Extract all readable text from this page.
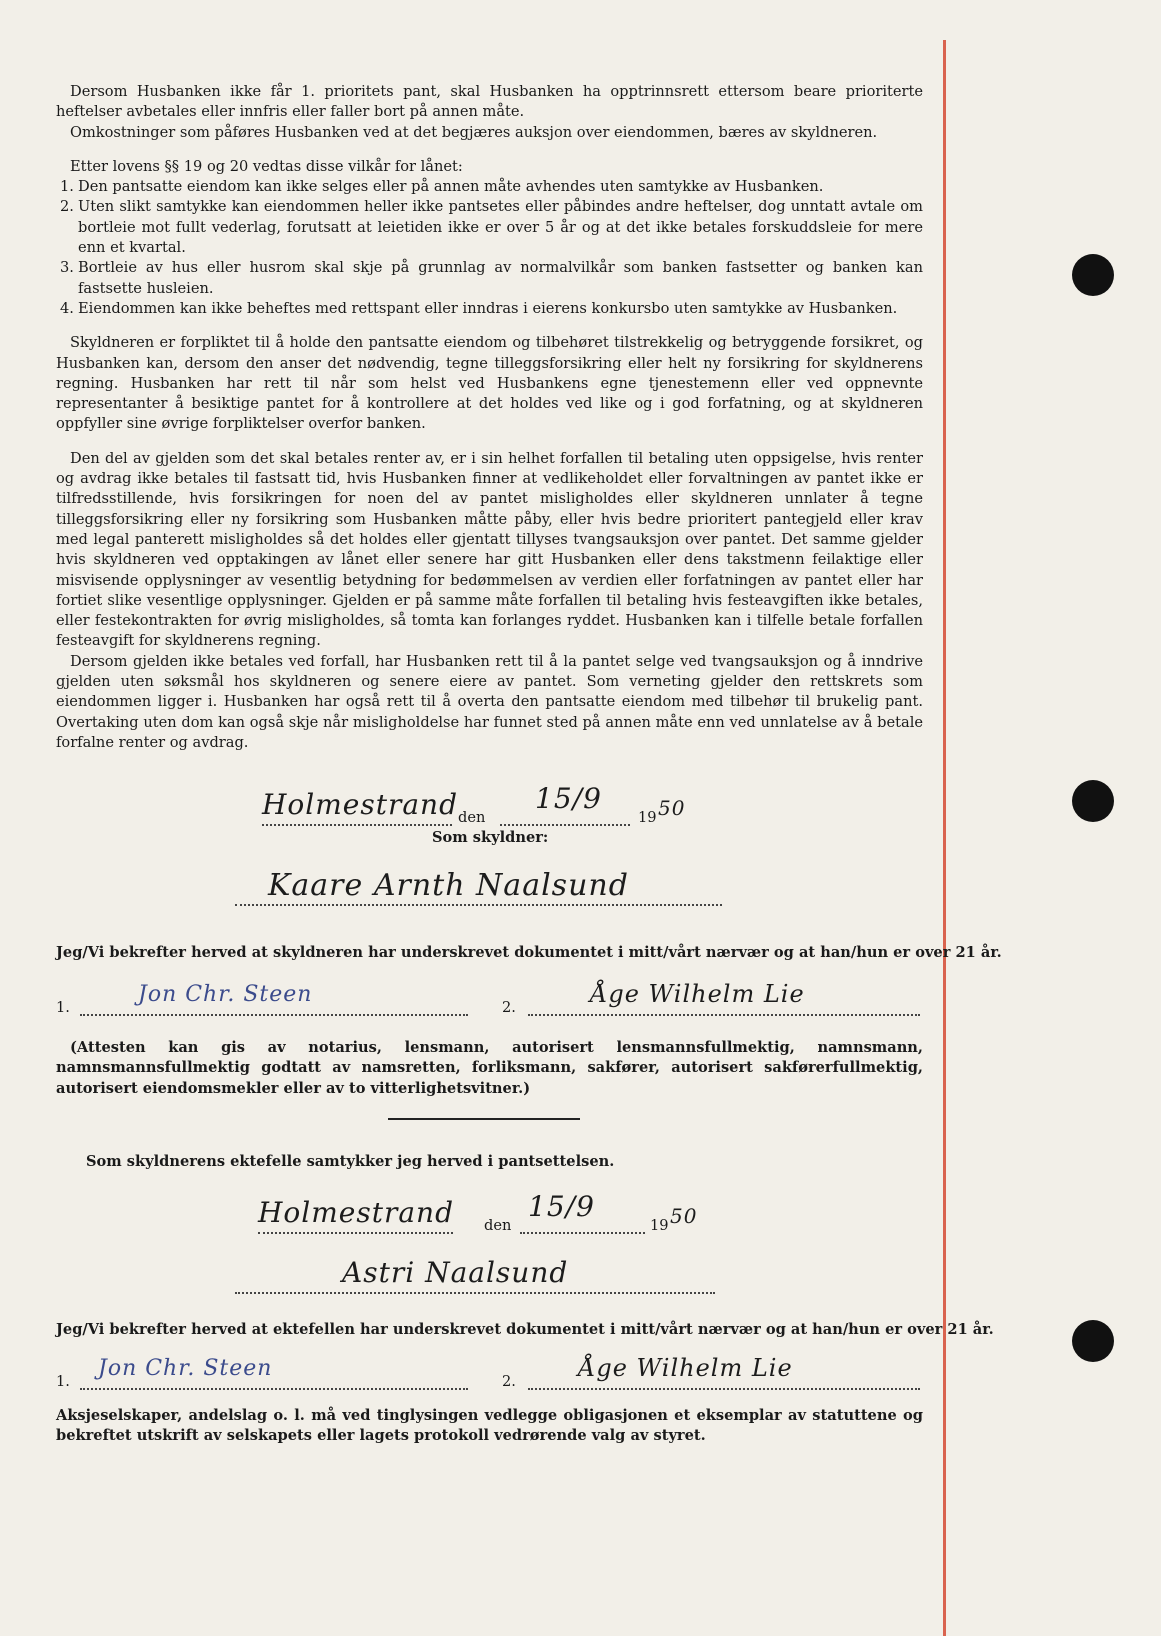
Dersom Husbanken ikke får 1. prioritets pant, skal Husbanken ha opptrinnsrett ettersom beare prioriterte heftelser avbetales eller innfris eller faller bort på annen måte.

Omkostninger som påføres Husbanken ved at det begjæres auksjon over eiendommen, bæres av skyldneren.

Etter lovens §§ 19 og 20 vedtas disse vilkår for lånet:

1. Den pantsatte eiendom kan ikke selges eller på annen måte avhendes uten samtykke av Husbanken.
2. Uten slikt samtykke kan eiendommen heller ikke pantsetes eller påbindes andre heftelser, dog unntatt avtale om bortleie mot fullt vederlag, forutsatt at leietiden ikke er over 5 år og at det ikke betales forskuddsleie for mere enn et kvartal.
3. Bortleie av hus eller husrom skal skje på grunnlag av normalvilkår som banken fastsetter og banken kan fastsette husleien.
4. Eiendommen kan ikke beheftes med rettspant eller inndras i eierens konkursbo uten samtykke av Husbanken.

Skyldneren er forpliktet til å holde den pantsatte eiendom og tilbehøret tilstrekkelig og betryggende forsikret, og Husbanken kan, dersom den anser det nødvendig, tegne tilleggsforsikring eller helt ny forsikring for skyldnerens regning. Husbanken har rett til når som helst ved Husbankens egne tjenestemenn eller ved oppnevnte representanter å besiktige pantet for å kontrollere at det holdes ved like og i god forfatning, og at skyldneren oppfyller sine øvrige forpliktelser overfor banken.

Den del av gjelden som det skal betales renter av, er i sin helhet forfallen til betaling uten oppsigelse, hvis renter og avdrag ikke betales til fastsatt tid, hvis Husbanken finner at vedlikeholdet eller forvaltningen av pantet ikke er tilfredsstillende, hvis forsikringen for noen del av pantet misligholdes eller skyldneren unnlater å tegne tilleggsforsikring eller ny forsikring som Husbanken måtte påby, eller hvis bedre prioritert pantegjeld eller krav med legal panterett misligholdes så det holdes eller gjentatt tillyses tvangsauksjon over pantet. Det samme gjelder hvis skyldneren ved opptakingen av lånet eller senere har gitt Husbanken eller dens takstmenn feilaktige eller misvisende opplysninger av vesentlig betydning for bedømmelsen av verdien eller forfatningen av pantet eller har fortiet slike vesentlige opplysninger. Gjelden er på samme måte forfallen til betaling hvis festeavgiften ikke betales, eller festekontrakten for øvrig misligholdes, så tomta kan forlanges ryddet. Husbanken kan i tilfelle betale forfallen festeavgift for skyldnerens regning.

Dersom gjelden ikke betales ved forfall, har Husbanken rett til å la pantet selge ved tvangsauksjon og å inndrive gjelden uten søksmål hos skyldneren og senere eiere av pantet. Som verneting gjelder den rettskrets som eiendommen ligger i. Husbanken har også rett til å overta den pantsatte eiendom med tilbehør til brukelig pant. Overtaking uten dom kan også skje når misligholdelse har funnet sted på annen måte enn ved unnlatelse av å betale forfalne renter og avdrag.

Holmestrand den
15/9
19 50
Som skyldner:
Kaare Arnth Naalsund
Jeg/Vi bekrefter herved at skyldneren har underskrevet dokumentet i mitt/vårt nærvær og at han/hun er over 21 år.
1.
Jon Chr. Steen
2.	Åge Wilhelm Lie
(Attesten kan gis av notarius, lensmann, autorisert lensmannsfullmektig, namnsmann, namnsmannsfullmektig godtatt av namsretten, forliksmann, sakfører, autorisert sakførerfullmektig, autorisert eiendomsmekler eller av to vitterlighetsvitner.)
Som skyldnerens ektefelle samtykker jeg herved i pantsettelsen.
Holmestrand den
15/9
19 50
Astri Naalsund
Jeg/Vi bekrefter herved at ektefellen har underskrevet dokumentet i mitt/vårt nærvær og at han/hun er over 21 år.
1.
Jon Chr. Steen
2.	Åge Wilhelm Lie
Aksjeselskaper, andelslag o. l. må ved tinglysingen vedlegge obligasjonen et eksemplar av statuttene og bekreftet utskrift av selskapets eller lagets protokoll vedrørende valg av styret.
